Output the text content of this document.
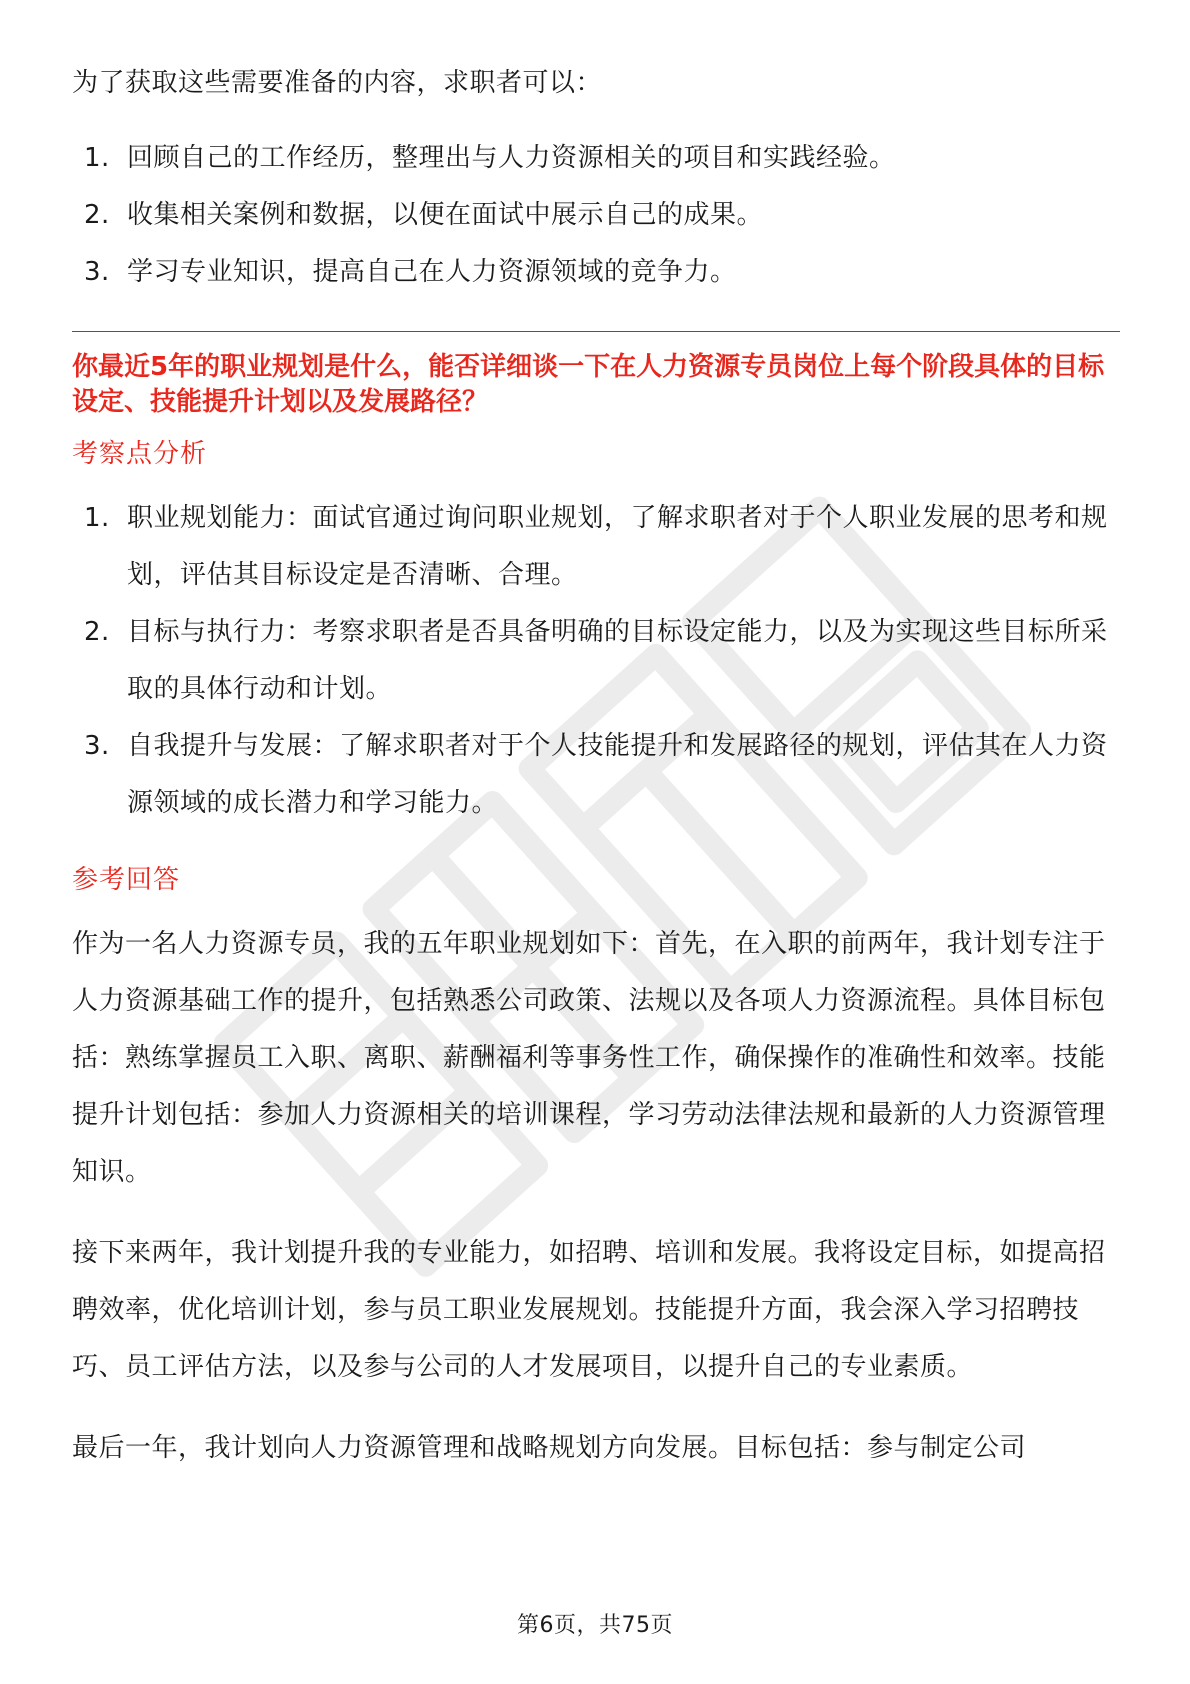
为了获取这些需要准备的内容，求职者可以：

1. 回顾自己的工作经历，整理出与人力资源相关的项目和实践经验。
2. 收集相关案例和数据，以便在面试中展示自己的成果。
3. 学习专业知识，提高自己在人力资源领域的竞争力。

你最近5年的职业规划是什么，能否详细谈一下在人力资源专员岗位上每个阶段具体的目标设定、技能提升计划以及发展路径？

考察点分析

1. 职业规划能力：面试官通过询问职业规划，了解求职者对于个人职业发展的思考和规划，评估其目标设定是否清晰、合理。
2. 目标与执行力：考察求职者是否具备明确的目标设定能力，以及为实现这些目标所采取的具体行动和计划。
3. 自我提升与发展：了解求职者对于个人技能提升和发展路径的规划，评估其在人力资源领域的成长潜力和学习能力。

参考回答

作为一名人力资源专员，我的五年职业规划如下：首先，在入职的前两年，我计划专注于人力资源基础工作的提升，包括熟悉公司政策、法规以及各项人力资源流程。具体目标包括：熟练掌握员工入职、离职、薪酬福利等事务性工作，确保操作的准确性和效率。技能提升计划包括：参加人力资源相关的培训课程，学习劳动法律法规和最新的人力资源管理知识。

接下来两年，我计划提升我的专业能力，如招聘、培训和发展。我将设定目标，如提高招聘效率，优化培训计划，参与员工职业发展规划。技能提升方面，我会深入学习招聘技巧、员工评估方法，以及参与公司的人才发展项目，以提升自己的专业素质。

最后一年，我计划向人力资源管理和战略规划方向发展。目标包括：参与制定公司

第6页，共75页
